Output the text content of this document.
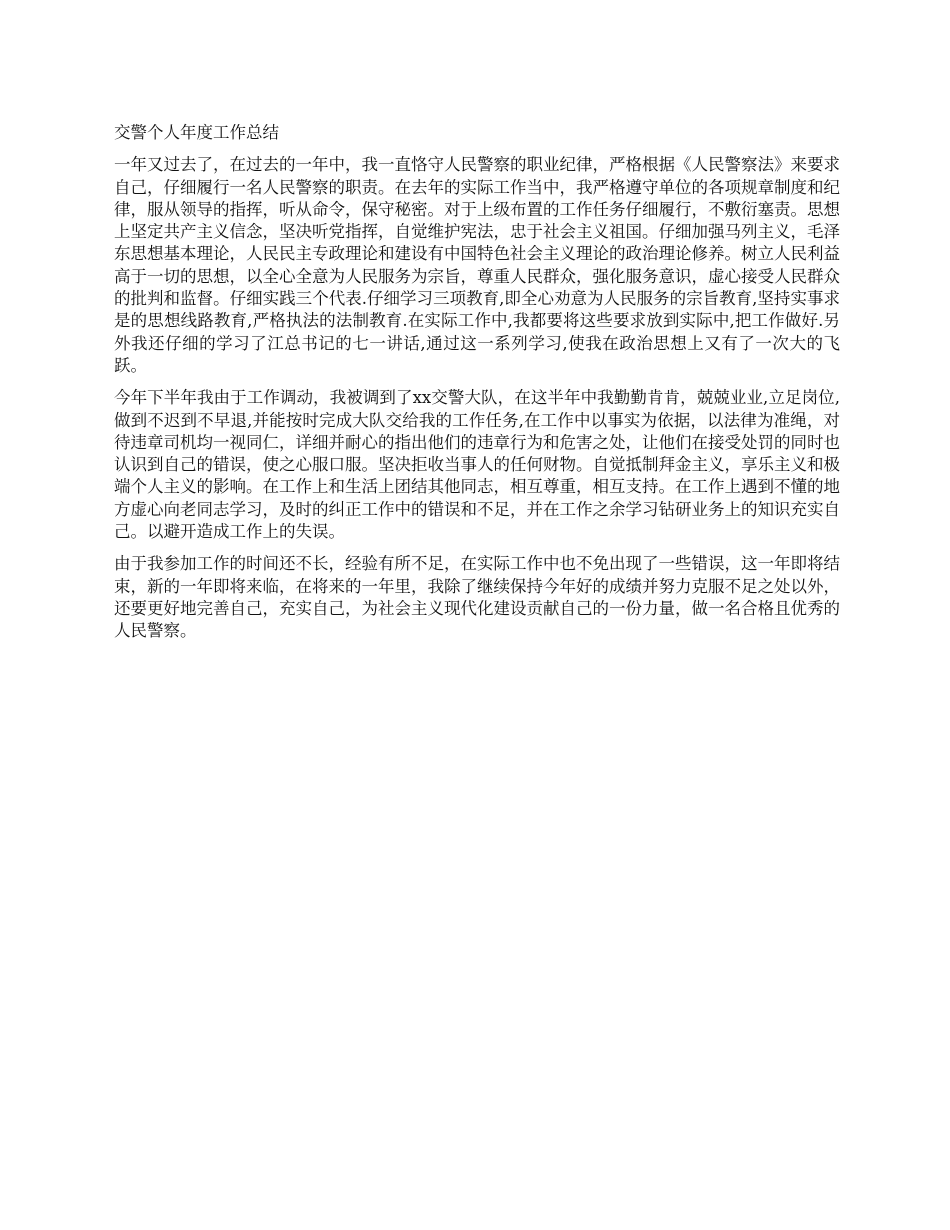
交警个人年度工作总结

一年又过去了，在过去的一年中，我一直恪守人民警察的职业纪律，严格根据《人民警察法》来要求自己，仔细履行一名人民警察的职责。在去年的实际工作当中，我严格遵守单位的各项规章制度和纪律，服从领导的指挥，听从命令，保守秘密。对于上级布置的工作任务仔细履行，不敷衍塞责。思想上坚定共产主义信念，坚决听党指挥，自觉维护宪法，忠于社会主义祖国。仔细加强马列主义，毛泽东思想基本理论，人民民主专政理论和建设有中国特色社会主义理论的政治理论修养。树立人民利益高于一切的思想，以全心全意为人民服务为宗旨，尊重人民群众，强化服务意识，虚心接受人民群众的批判和监督。仔细实践三个代表.仔细学习三项教育,即全心劝意为人民服务的宗旨教育,坚持实事求是的思想线路教育,严格执法的法制教育.在实际工作中,我都要将这些要求放到实际中,把工作做好.另外我还仔细的学习了江总书记的七一讲话,通过这一系列学习,使我在政治思想上又有了一次大的飞跃。

今年下半年我由于工作调动，我被调到了xx交警大队，在这半年中我勤勤肯肯，兢兢业业,立足岗位,做到不迟到不早退,并能按时完成大队交给我的工作任务,在工作中以事实为依据，以法律为准绳，对待违章司机均一视同仁，详细并耐心的指出他们的违章行为和危害之处，让他们在接受处罚的同时也认识到自己的错误，使之心服口服。坚决拒收当事人的任何财物。自觉抵制拜金主义，享乐主义和极端个人主义的影响。在工作上和生活上团结其他同志，相互尊重，相互支持。在工作上遇到不懂的地方虚心向老同志学习，及时的纠正工作中的错误和不足，并在工作之余学习钻研业务上的知识充实自己。以避开造成工作上的失误。

由于我参加工作的时间还不长，经验有所不足，在实际工作中也不免出现了一些错误，这一年即将结束，新的一年即将来临，在将来的一年里，我除了继续保持今年好的成绩并努力克服不足之处以外，还要更好地完善自己，充实自己，为社会主义现代化建设贡献自己的一份力量，做一名合格且优秀的人民警察。
